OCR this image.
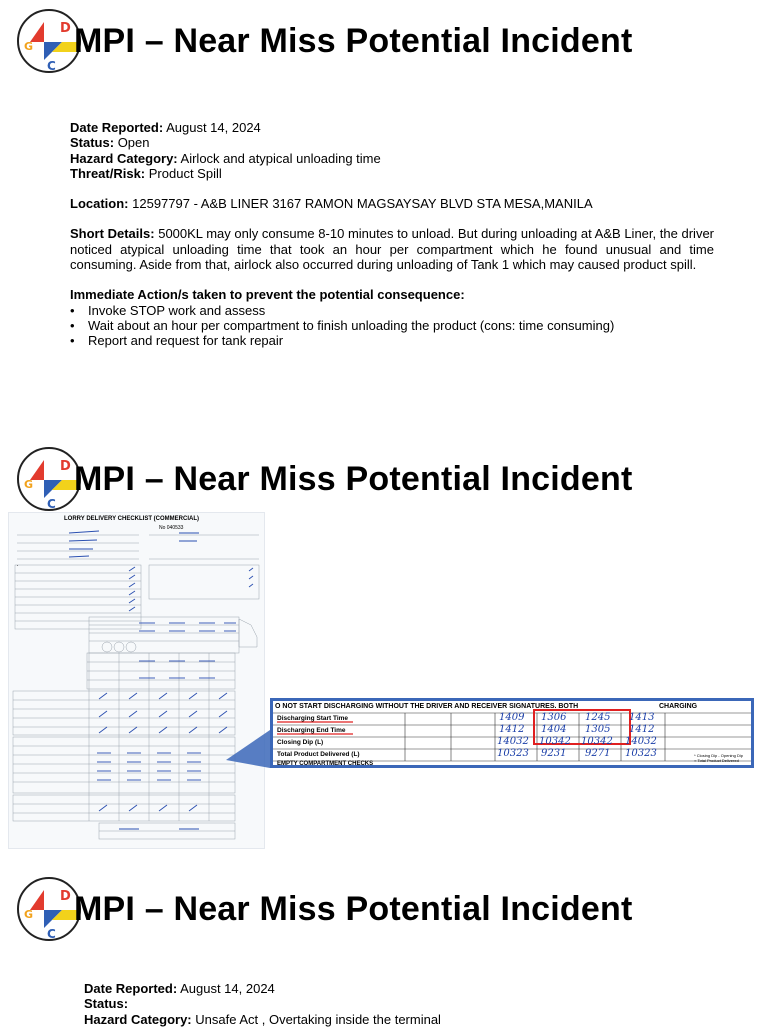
D
G
C
MPI – Near Miss Potential Incident
Date Reported: August 14, 2024
Status: Open
Hazard Category: Airlock and atypical unloading time
Threat/Risk: Product Spill
Location: 12597797 - A&B LINER 3167 RAMON MAGSAYSAY BLVD STA MESA,MANILA
Short Details: 5000KL may only consume 8-10 minutes to unload. But during unloading at A&B Liner, the driver noticed atypical unloading time that took an hour per compartment which he found unusual and time consuming. Aside from that, airlock also occurred during unloading of Tank 1 which may caused product spill.
Immediate Action/s taken to prevent the potential consequence:
• Invoke STOP work and assess
• Wait about an hour per compartment to finish unloading the product (cons: time consuming)
• Report and request for tank repair
D
G
C
MPI – Near Miss Potential Incident
LORRY DELIVERY CHECKLIST (COMMERCIAL)
No 040533
O NOT START DISCHARGING WITHOUT THE DRIVER AND RECEIVER SIGNATURES. BOTH	CHARGING
Discharging Start Time
Discharging End Time
Closing Dip (L)
Total Product Delivered (L)
EMPTY COMPARTMENT CHECKS
1409 1306 1245 1413
1412 1404 1305 1412
14032 10342 10342 14032
10323 9231 9271 10323	* Closing Dip - Opening Dip
= Total Product Delivered
D
G
C
MPI – Near Miss Potential Incident
Date Reported: August 14, 2024
Status:
Hazard Category: Unsafe Act , Overtaking inside the terminal
